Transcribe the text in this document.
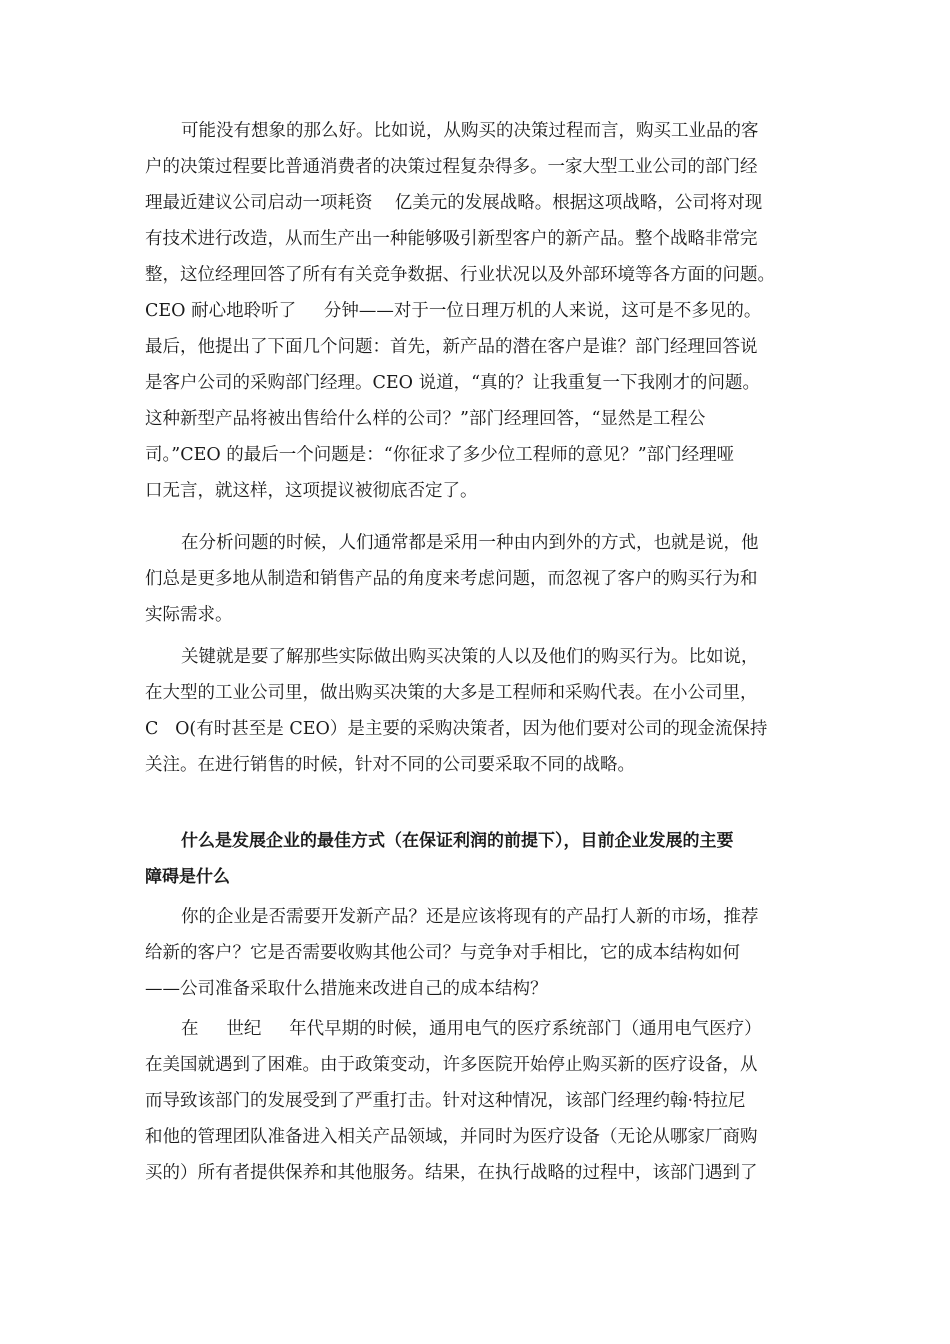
可能没有想象的那么好。比如说，从购买的决策过程而言，购买工业品的客
户的决策过程要比普通消费者的决策过程复杂得多。一家大型工业公司的部门经
理最近建议公司启动一项耗资    亿美元的发展战略。根据这项战略，公司将对现
有技术进行改造，从而生产出一种能够吸引新型客户的新产品。整个战略非常完
整，这位经理回答了所有有关竞争数据、行业状况以及外部环境等各方面的问题。
CEO 耐心地聆听了     分钟——对于一位日理万机的人来说，这可是不多见的。
最后，他提出了下面几个问题：首先，新产品的潜在客户是谁？部门经理回答说
是客户公司的采购部门经理。CEO 说道，“真的？让我重复一下我刚才的问题。
这种新型产品将被出售给什么样的公司？”部门经理回答，“显然是工程公
司。”CEO 的最后一个问题是：“你征求了多少位工程师的意见？”部门经理哑
口无言，就这样，这项提议被彻底否定了。
在分析问题的时候，人们通常都是采用一种由内到外的方式，也就是说，他
们总是更多地从制造和销售产品的角度来考虑问题，而忽视了客户的购买行为和
实际需求。
关键就是要了解那些实际做出购买决策的人以及他们的购买行为。比如说，
在大型的工业公司里，做出购买决策的大多是工程师和采购代表。在小公司里，
C   O(有时甚至是 CEO）是主要的采购决策者，因为他们要对公司的现金流保持
关注。在进行销售的时候，针对不同的公司要采取不同的战略。
什么是发展企业的最佳方式（在保证利润的前提下），目前企业发展的主要
障碍是什么
你的企业是否需要开发新产品？还是应该将现有的产品打人新的市场，推荐
给新的客户？它是否需要收购其他公司？与竞争对手相比，它的成本结构如何
——公司准备采取什么措施来改进自己的成本结构？
在     世纪     年代早期的时候，通用电气的医疗系统部门（通用电气医疗）
在美国就遇到了困难。由于政策变动，许多医院开始停止购买新的医疗设备，从
而导致该部门的发展受到了严重打击。针对这种情况，该部门经理约翰·特拉尼
和他的管理团队准备进入相关产品领域，并同时为医疗设备（无论从哪家厂商购
买的）所有者提供保养和其他服务。结果，在执行战略的过程中，该部门遇到了
